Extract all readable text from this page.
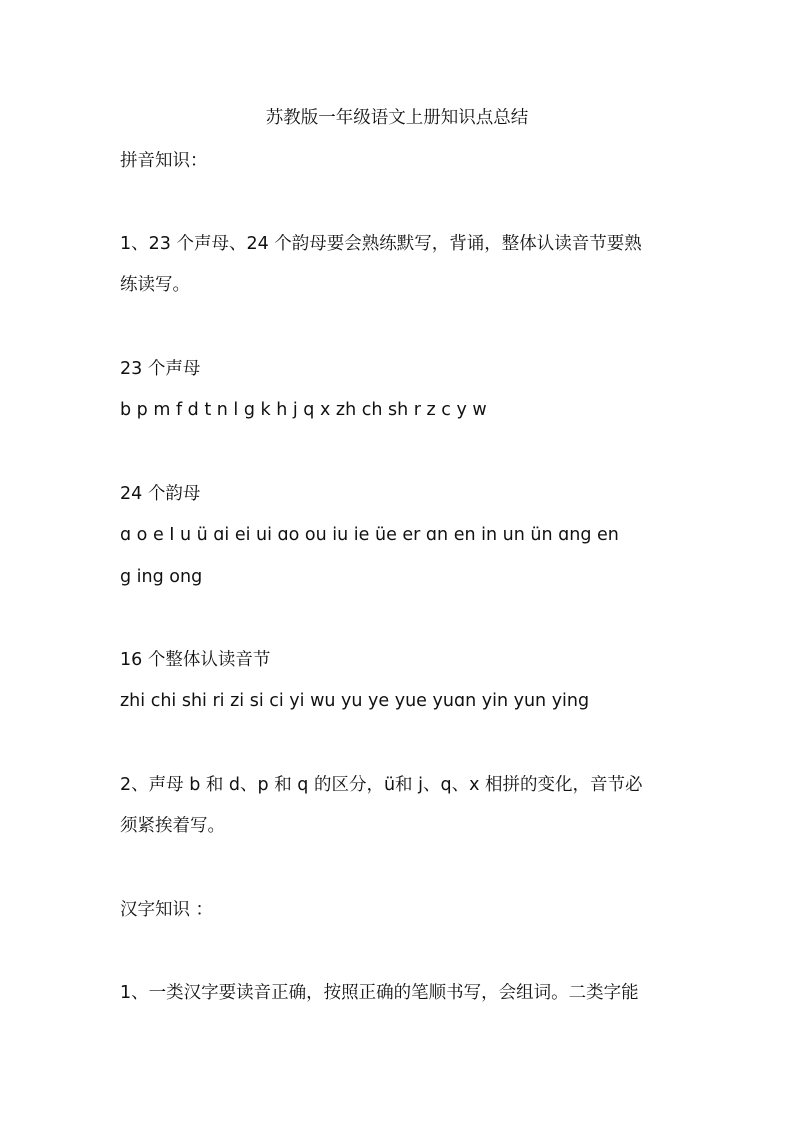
苏教版一年级语文上册知识点总结
拼音知识：
1、23 个声母、24 个韵母要会熟练默写，背诵，整体认读音节要熟
练读写。
23 个声母
b p m f d t n l g k h j q x zh ch sh r z c y w
24 个韵母
ɑ o e I u ü ɑi ei ui ɑo ou iu ie üe er ɑn en in un ün ɑng en
g ing ong
16 个整体认读音节
zhi chi shi ri zi si ci yi wu yu ye yue yuɑn yin yun ying
2、声母 b 和 d、p 和 q 的区分，ü和 j、q、x 相拼的变化，音节必
须紧挨着写。
汉字知识 ：
1、一类汉字要读音正确，按照正确的笔顺书写，会组词。二类字能
